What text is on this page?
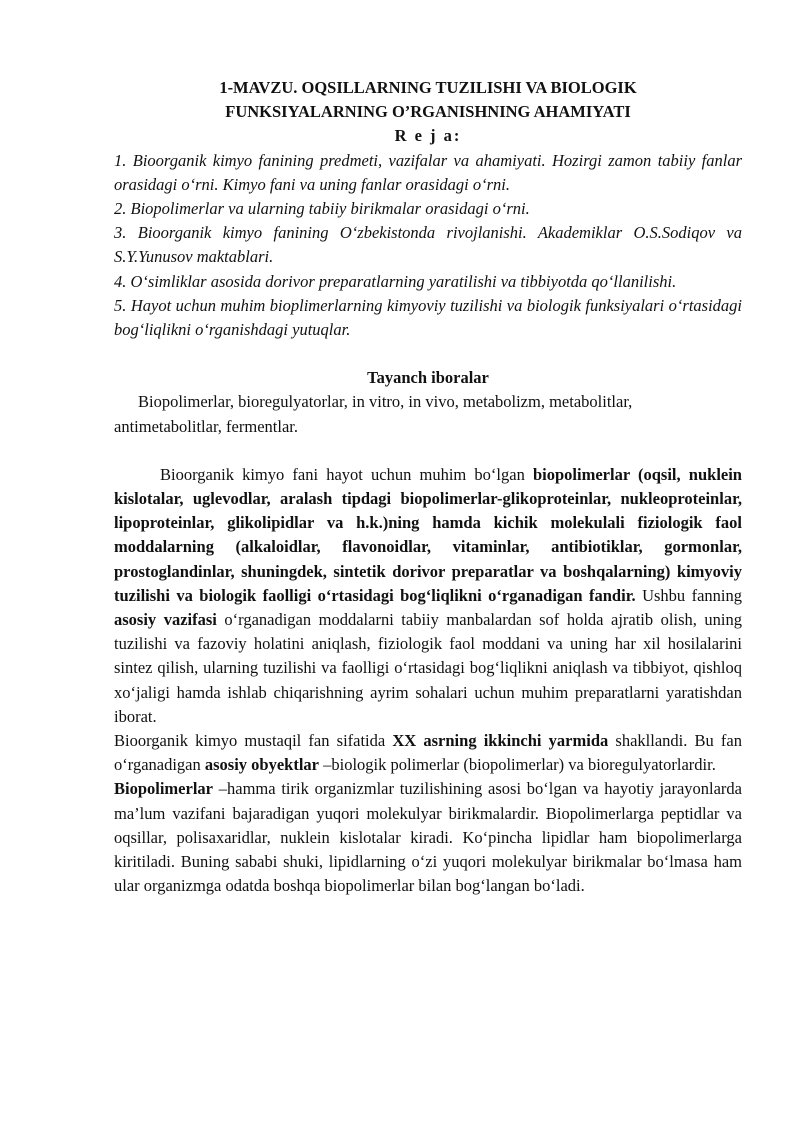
1-MAVZU. OQSILLARNING TUZILISHI VA BIOLOGIK

FUNKSIYALARNING O’RGANISHNING AHAMIYATI

R e j a:

1. Bioorganik kimyo fanining predmeti, vazifalar va ahamiyati. Hozirgi zamon tabiiy fanlar orasidagi o‘rni. Kimyo fani va uning fanlar orasidagi o‘rni.
2. Biopolimerlar va ularning tabiiy birikmalar orasidagi o‘rni.
3. Bioorganik kimyo fanining O‘zbekistonda rivojlanishi. Akademiklar O.S.Sodiqov va S.Y.Yunusov maktablari.
4. O‘simliklar asosida dorivor preparatlarning yaratilishi va tibbiyotda qo‘llanilishi.
5. Hayot uchun muhim bioplimerlarning kimyoviy tuzilishi va biologik funksiyalari o‘rtasidagi bog‘liqlikni o‘rganishdagi yutuqlar.

Tayanch iboralar

Biopolimerlar, bioregulyatorlar, in vitro, in vivo, metabolizm, metabolitlar, antimetabolitlar, fermentlar.

Bioorganik kimyo fani hayot uchun muhim bo‘lgan biopolimerlar (oqsil, nuklein kislotalar, uglevodlar, aralash tipdagi biopolimerlar-glikoproteinlar, nukleoproteinlar, lipoproteinlar, glikolipidlar va h.k.)ning hamda kichik molekulali fiziologik faol moddalarning (alkaloidlar, flavonoidlar, vitaminlar, antibiotiklar, gormonlar, prostoglandinlar, shuningdek, sintetik dorivor preparatlar va boshqalarning) kimyoviy tuzilishi va biologik faolligi o‘rtasidagi bog‘liqlikni o‘rganadigan fandir. Ushbu fanning asosiy vazifasi o‘rganadigan moddalarni tabiiy manbalardan sof holda ajratib olish, uning tuzilishi va fazoviy holatini aniqlash, fiziologik faol moddani va uning har xil hosilalarini sintez qilish, ularning tuzilishi va faolligi o‘rtasidagi bog‘liqlikni aniqlash va tibbiyot, qishloq xo‘jaligi hamda ishlab chiqarishning ayrim sohalari uchun muhim preparatlarni yaratishdan iborat.

Bioorganik kimyo mustaqil fan sifatida XX asrning ikkinchi yarmida shakllandi. Bu fan o‘rganadigan asosiy obyektlar –biologik polimerlar (biopolimerlar) va bioregulyatorlardir.

Biopolimerlar –hamma tirik organizmlar tuzilishining asosi bo‘lgan va hayotiy jarayonlarda ma’lum vazifani bajaradigan yuqori molekulyar birikmalardir. Biopolimerlarga peptidlar va oqsillar, polisaxaridlar, nuklein kislotalar kiradi. Ko‘pincha lipidlar ham biopolimerlarga kiritiladi. Buning sababi shuki, lipidlarning o‘zi yuqori molekulyar birikmalar bo‘lmasa ham ular organizmga odatda boshqa biopolimerlar bilan bog‘langan bo‘ladi.
